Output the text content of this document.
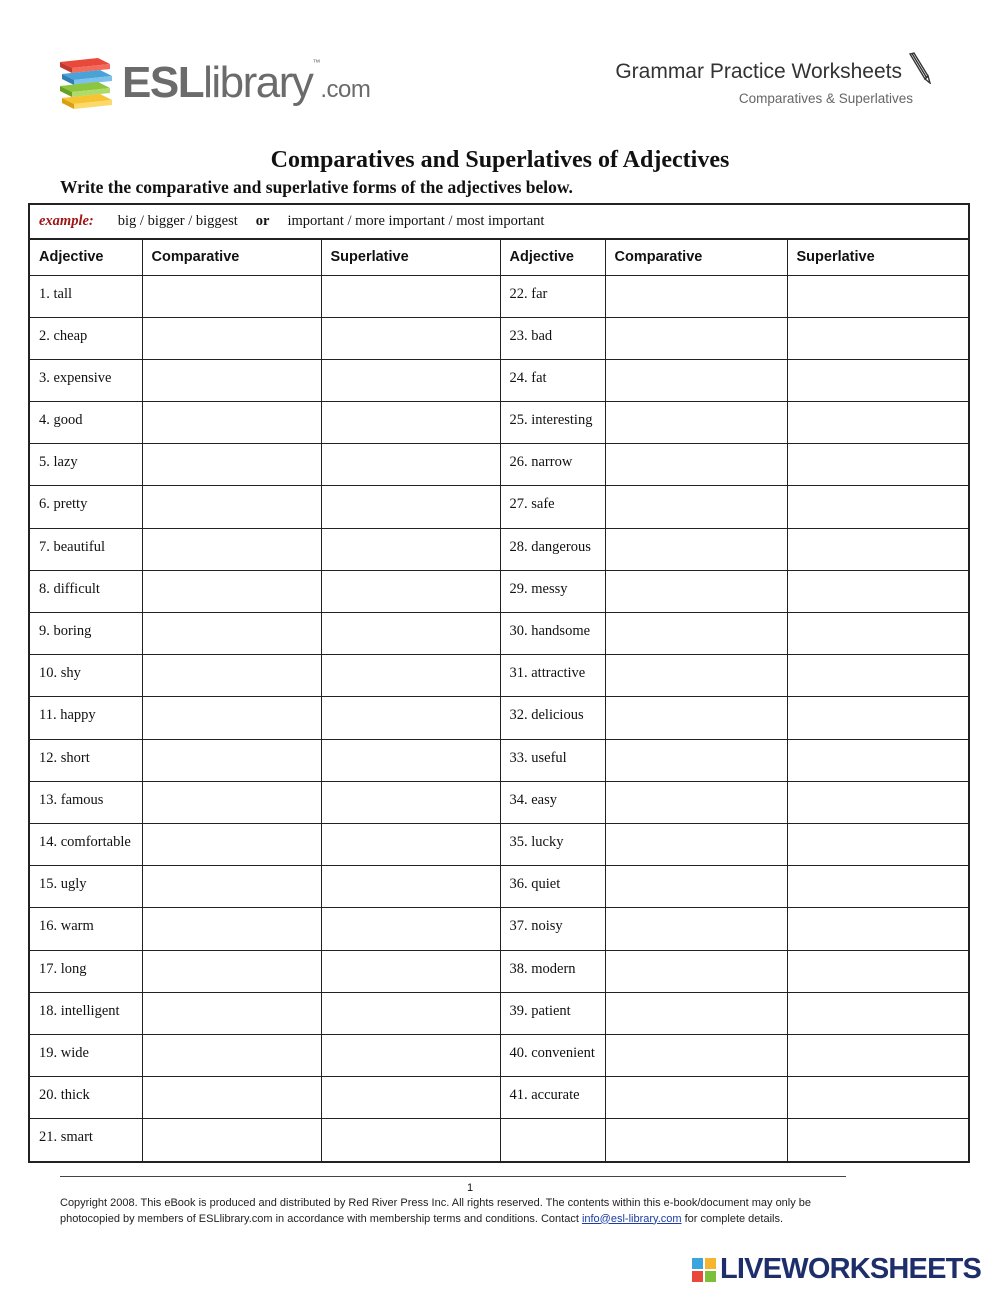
ESLlibrary™.com
Grammar Practice Worksheets
Comparatives & Superlatives
Comparatives and Superlatives of Adjectives
Write the comparative and superlative forms of the adjectives below.
example: big / bigger / biggest or important / more important / most important
Adjective	Comparative	Superlative	Adjective	Comparative	Superlative
1. tall			22. far		
2. cheap			23. bad		
3. expensive			24. fat		
4. good			25. interesting		
5. lazy			26. narrow		
6. pretty			27. safe		
7. beautiful			28. dangerous		
8. difficult			29. messy		
9. boring			30. handsome		
10. shy			31. attractive		
11. happy			32. delicious		
12. short			33. useful		
13. famous			34. easy		
14. comfortable			35. lucky		
15. ugly			36. quiet		
16. warm			37. noisy		
17. long			38. modern		
18. intelligent			39. patient		
19. wide			40. convenient		
20. thick			41. accurate		
21. smart					
1
Copyright 2008. This eBook is produced and distributed by Red River Press Inc. All rights reserved. The contents within this e-book/document may only be photocopied by members of ESLlibrary.com in accordance with membership terms and conditions. Contact info@esl-library.com for complete details.
LIVEWORKSHEETS
